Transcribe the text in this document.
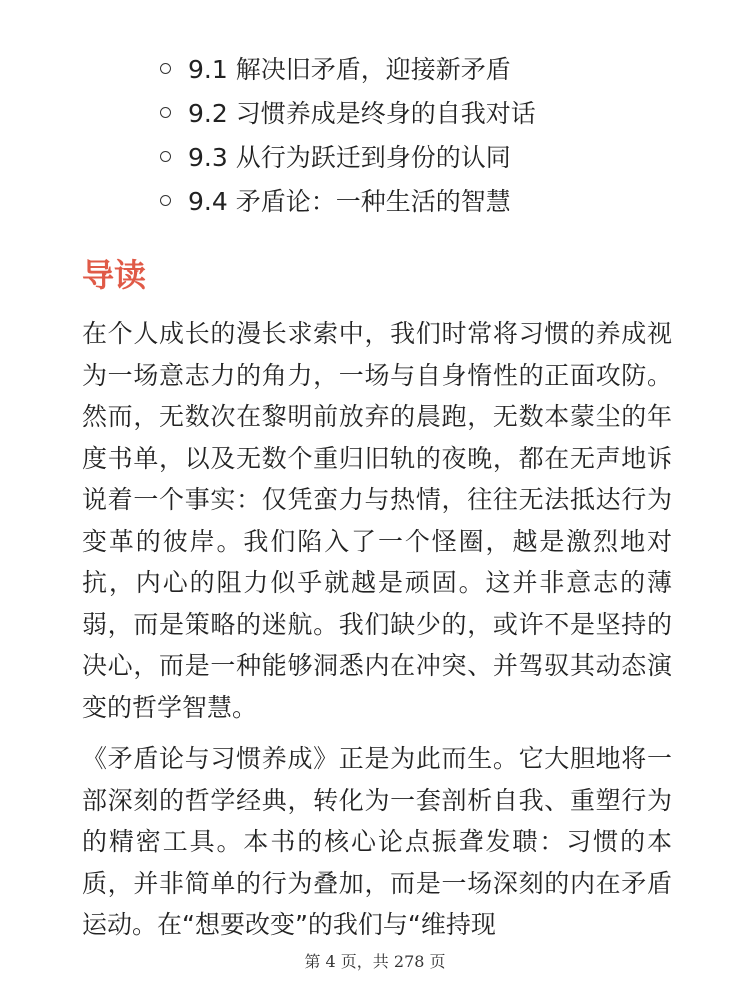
9.1 解决旧矛盾，迎接新矛盾
9.2 习惯养成是终身的自我对话
9.3 从行为跃迁到身份的认同
9.4 矛盾论：一种生活的智慧
导读

在个人成长的漫长求索中，我们时常将习惯的养成视为一场意志力的角力，一场与自身惰性的正面攻防。然而，无数次在黎明前放弃的晨跑，无数本蒙尘的年度书单，以及无数个重归旧轨的夜晚，都在无声地诉说着一个事实：仅凭蛮力与热情，往往无法抵达行为变革的彼岸。我们陷入了一个怪圈，越是激烈地对抗，内心的阻力似乎就越是顽固。这并非意志的薄弱，而是策略的迷航。我们缺少的，或许不是坚持的决心，而是一种能够洞悉内在冲突、并驾驭其动态演变的哲学智慧。

《矛盾论与习惯养成》正是为此而生。它大胆地将一部深刻的哲学经典，转化为一套剖析自我、重塑行为的精密工具。本书的核心论点振聋发聩：习惯的本质，并非简单的行为叠加，而是一场深刻的内在矛盾运动。在“想要改变”的我们与“维持现

第 4 页，共 278 页
